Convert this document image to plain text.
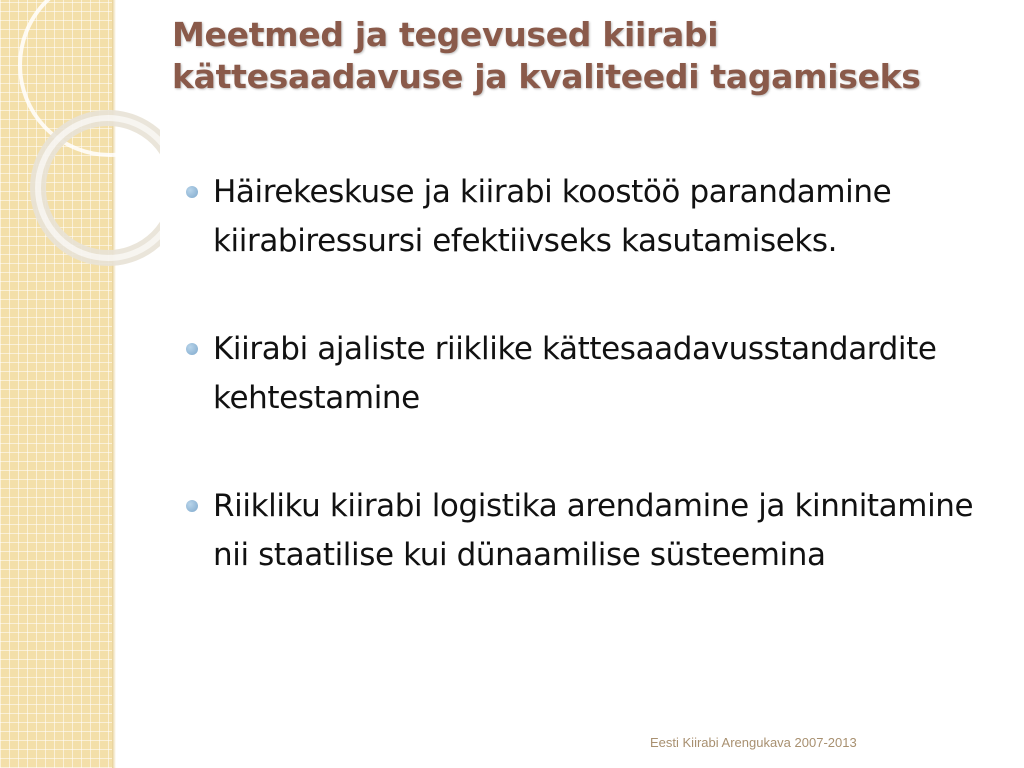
Meetmed ja tegevused kiirabi
kättesaadavuse ja kvaliteedi tagamiseks
Häirekeskuse ja kiirabi koostöö parandamine kiirabiressursi efektiivseks kasutamiseks.
Kiirabi ajaliste riiklike kättesaadavusstandardite kehtestamine
Riikliku kiirabi logistika arendamine ja kinnitamine nii staatilise kui dünaamilise süsteemina
Eesti Kiirabi Arengukava 2007-2013
